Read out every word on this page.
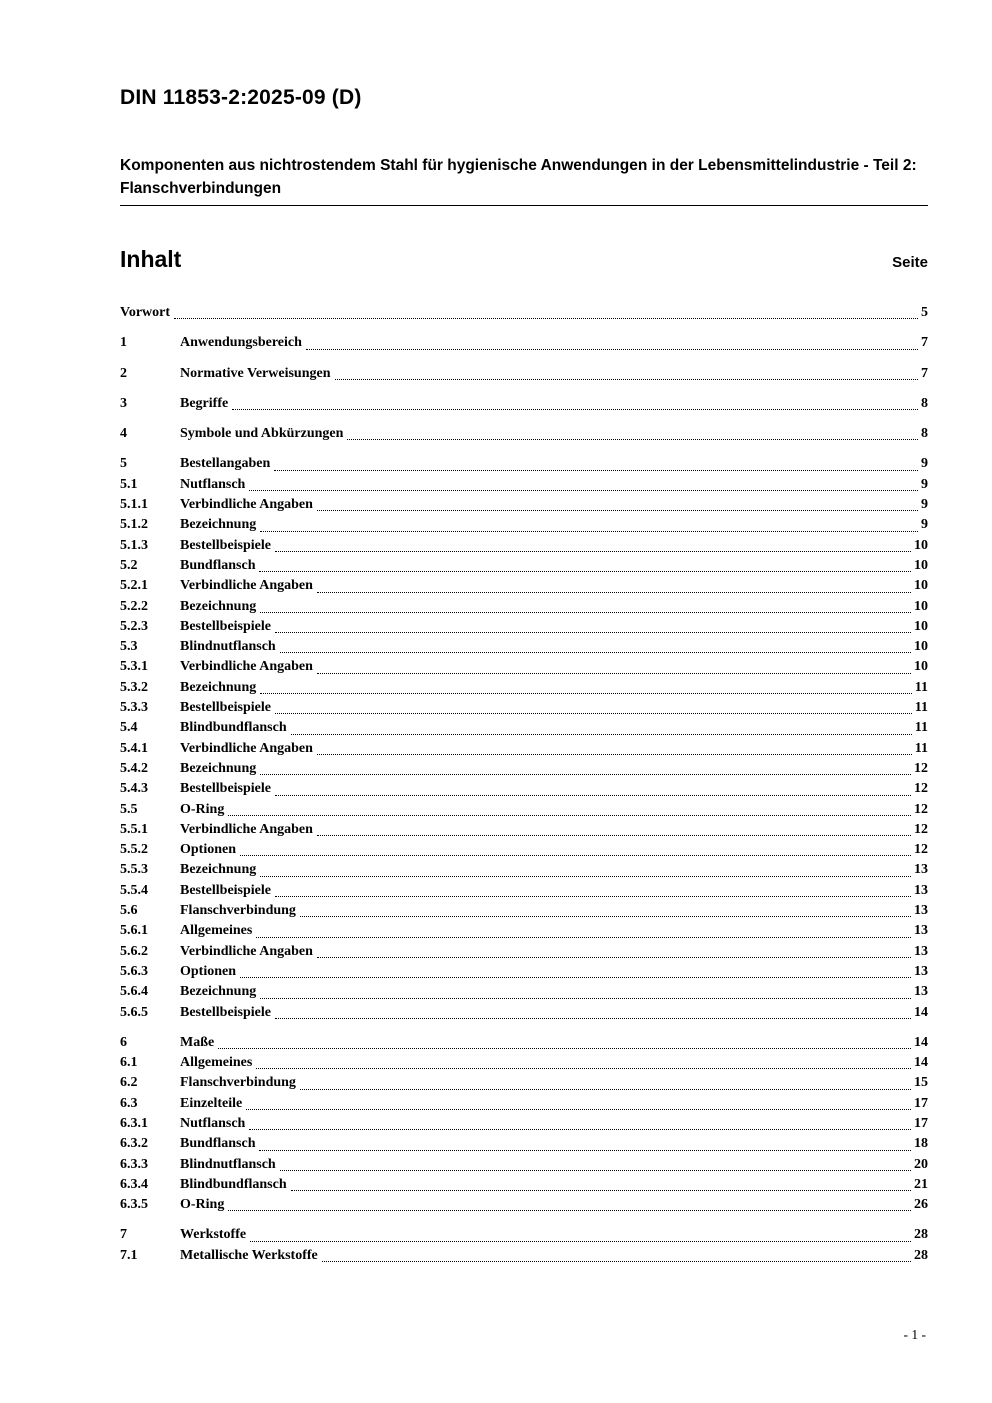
DIN 11853-2:2025-09 (D)
Komponenten aus nichtrostendem Stahl für hygienische Anwendungen in der Lebensmittelindustrie - Teil 2: Flanschverbindungen
Inhalt	Seite
Vorwort	5
1	Anwendungsbereich	7
2	Normative Verweisungen	7
3	Begriffe	8
4	Symbole und Abkürzungen	8
5	Bestellangaben	9
5.1	Nutflansch	9
5.1.1	Verbindliche Angaben	9
5.1.2	Bezeichnung	9
5.1.3	Bestellbeispiele	10
5.2	Bundflansch	10
5.2.1	Verbindliche Angaben	10
5.2.2	Bezeichnung	10
5.2.3	Bestellbeispiele	10
5.3	Blindnutflansch	10
5.3.1	Verbindliche Angaben	10
5.3.2	Bezeichnung	11
5.3.3	Bestellbeispiele	11
5.4	Blindbundflansch	11
5.4.1	Verbindliche Angaben	11
5.4.2	Bezeichnung	12
5.4.3	Bestellbeispiele	12
5.5	O-Ring	12
5.5.1	Verbindliche Angaben	12
5.5.2	Optionen	12
5.5.3	Bezeichnung	13
5.5.4	Bestellbeispiele	13
5.6	Flanschverbindung	13
5.6.1	Allgemeines	13
5.6.2	Verbindliche Angaben	13
5.6.3	Optionen	13
5.6.4	Bezeichnung	13
5.6.5	Bestellbeispiele	14
6	Maße	14
6.1	Allgemeines	14
6.2	Flanschverbindung	15
6.3	Einzelteile	17
6.3.1	Nutflansch	17
6.3.2	Bundflansch	18
6.3.3	Blindnutflansch	20
6.3.4	Blindbundflansch	21
6.3.5	O-Ring	26
7	Werkstoffe	28
7.1	Metallische Werkstoffe	28
- 1 -
